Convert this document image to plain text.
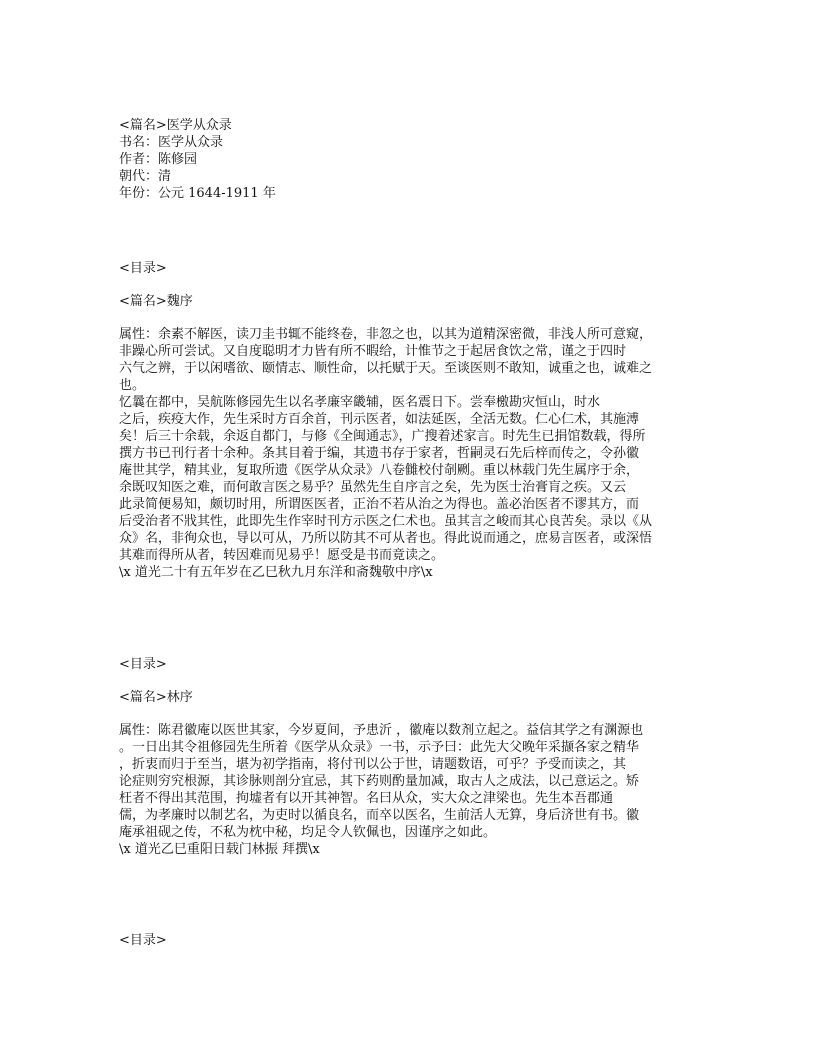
<篇名>医学从众录
书名：医学从众录
作者：陈修园
朝代：清
年份：公元 1644-1911 年
<目录>
<篇名>魏序
属性：余素不解医，读刀圭书辄不能终卷，非忽之也，以其为道精深密微，非浅人所可意窥，
非躁心所可尝试。又自度聪明才力皆有所不暇给，计惟节之于起居食饮之常，谨之于四时
六气之辨，于以闲嗜欲、颐情志、顺性命，以托赋于天。至谈医则不敢知，诚重之也，诚难之
也。
忆曩在都中，吴航陈修园先生以名孝廉宰畿辅，医名震日下。尝奉檄勘灾恒山，时水
之后，疾疫大作，先生采时方百余首，刊示医者，如法延医，全活无数。仁心仁术，其施溥
矣！后三十余载，余返自都门，与修《全闽通志》，广搜着述家言。时先生已捐馆数载，得所
撰方书已刊行者十余种。条其目着于编，其遗书存于家者，哲嗣灵石先后梓而传之，令孙徽
庵世其学，精其业，复取所遗《医学从众录》八卷雠校付剞劂。重以林载门先生属序于余，
余既叹知医之难，而何敢言医之易乎？虽然先生自序言之矣，先为医士治膏肓之疾。又云
此录简便易知，颇切时用，所谓医医者，正治不若从治之为得也。盖必治医者不谬其方，而
后受治者不戕其性，此即先生作宰时刊方示医之仁术也。虽其言之峻而其心良苦矣。录以《从
众》名，非徇众也，导以可从，乃所以防其不可从者也。得此说而通之，庶易言医者，或深悟
其难而得所从者，转因难而见易乎！愿受是书而竟读之。
\x 道光二十有五年岁在乙巳秋九月东洋和斋魏敬中序\x
<目录>
<篇名>林序
属性：陈君徽庵以医世其家，今岁夏间，予患沂 ，徽庵以数剂立起之。益信其学之有渊源也
。一日出其令祖修园先生所着《医学从众录》一书，示予曰：此先大父晚年采撷各家之精华
，折衷而归于至当，堪为初学指南，将付刊以公于世，请题数语，可乎？予受而读之，其
论症则穷究根源，其诊脉则剖分宜忌，其下药则酌量加减，取古人之成法，以己意运之。矫
枉者不得出其范围，拘墟者有以开其神智。名曰从众，实大众之津梁也。先生本吾郡通
儒，为孝廉时以制艺名，为吏时以循良名，而卒以医名，生前活人无算，身后济世有书。徽
庵承祖砚之传，不私为枕中秘，均足令人钦佩也，因谨序之如此。
\x 道光乙巳重阳日载门林振 拜撰\x
<目录>
